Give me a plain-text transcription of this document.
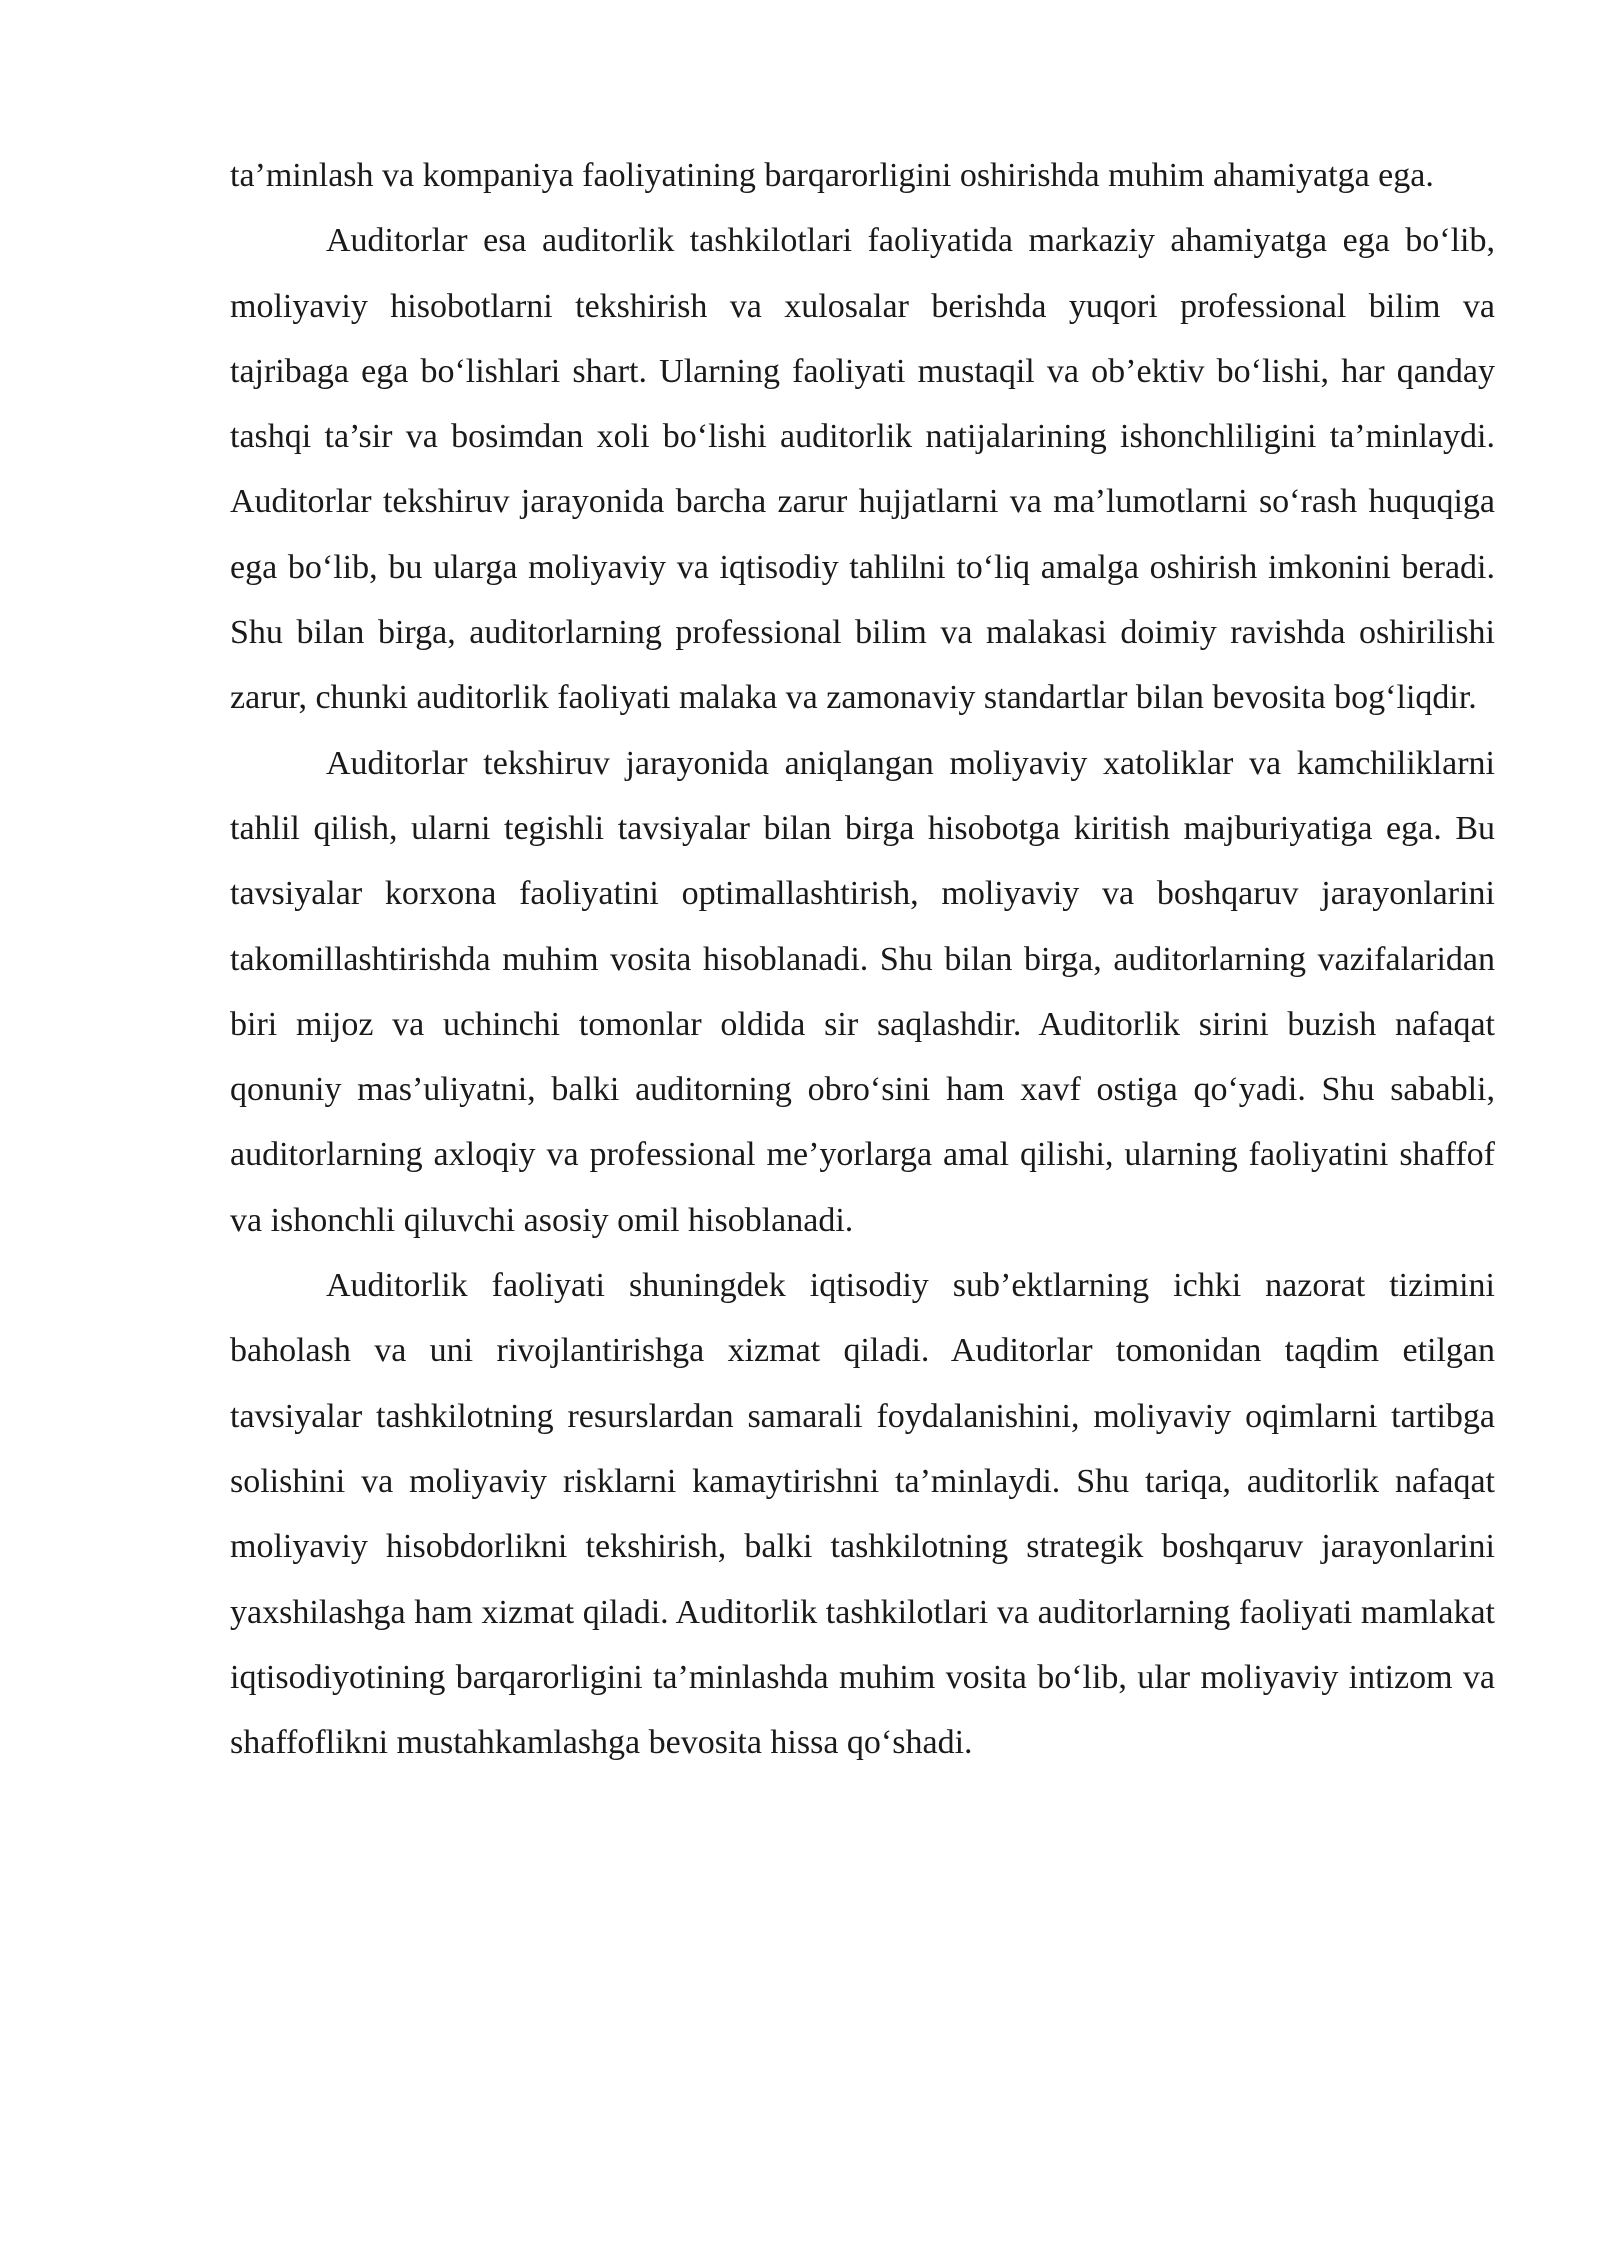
ta’minlash va kompaniya faoliyatining barqarorligini oshirishda muhim ahamiyatga ega.

Auditorlar esa auditorlik tashkilotlari faoliyatida markaziy ahamiyatga ega bo‘lib, moliyaviy hisobotlarni tekshirish va xulosalar berishda yuqori professional bilim va tajribaga ega bo‘lishlari shart. Ularning faoliyati mustaqil va ob’ektiv bo‘lishi, har qanday tashqi ta’sir va bosimdan xoli bo‘lishi auditorlik natijalarining ishonchliligini ta’minlaydi. Auditorlar tekshiruv jarayonida barcha zarur hujjatlarni va ma’lumotlarni so‘rash huquqiga ega bo‘lib, bu ularga moliyaviy va iqtisodiy tahlilni to‘liq amalga oshirish imkonini beradi. Shu bilan birga, auditorlarning professional bilim va malakasi doimiy ravishda oshirilishi zarur, chunki auditorlik faoliyati malaka va zamonaviy standartlar bilan bevosita bog‘liqdir.

Auditorlar tekshiruv jarayonida aniqlangan moliyaviy xatoliklar va kamchiliklarni tahlil qilish, ularni tegishli tavsiyalar bilan birga hisobotga kiritish majburiyatiga ega. Bu tavsiyalar korxona faoliyatini optimallashtirish, moliyaviy va boshqaruv jarayonlarini takomillashtirishda muhim vosita hisoblanadi. Shu bilan birga, auditorlarning vazifalaridan biri mijoz va uchinchi tomonlar oldida sir saqlashdir. Auditorlik sirini buzish nafaqat qonuniy mas’uliyatni, balki auditorning obro‘sini ham xavf ostiga qo‘yadi. Shu sababli, auditorlarning axloqiy va professional me’yorlarga amal qilishi, ularning faoliyatini shaffof va ishonchli qiluvchi asosiy omil hisoblanadi.

Auditorlik faoliyati shuningdek iqtisodiy sub’ektlarning ichki nazorat tizimini baholash va uni rivojlantirishga xizmat qiladi. Auditorlar tomonidan taqdim etilgan tavsiyalar tashkilotning resurslardan samarali foydalanishini, moliyaviy oqimlarni tartibga solishini va moliyaviy risklarni kamaytirishni ta’minlaydi. Shu tariqa, auditorlik nafaqat moliyaviy hisobdorlikni tekshirish, balki tashkilotning strategik boshqaruv jarayonlarini yaxshilashga ham xizmat qiladi. Auditorlik tashkilotlari va auditorlarning faoliyati mamlakat iqtisodiyotining barqarorligini ta’minlashda muhim vosita bo‘lib, ular moliyaviy intizom va shaffoflikni mustahkamlashga bevosita hissa qo‘shadi.
